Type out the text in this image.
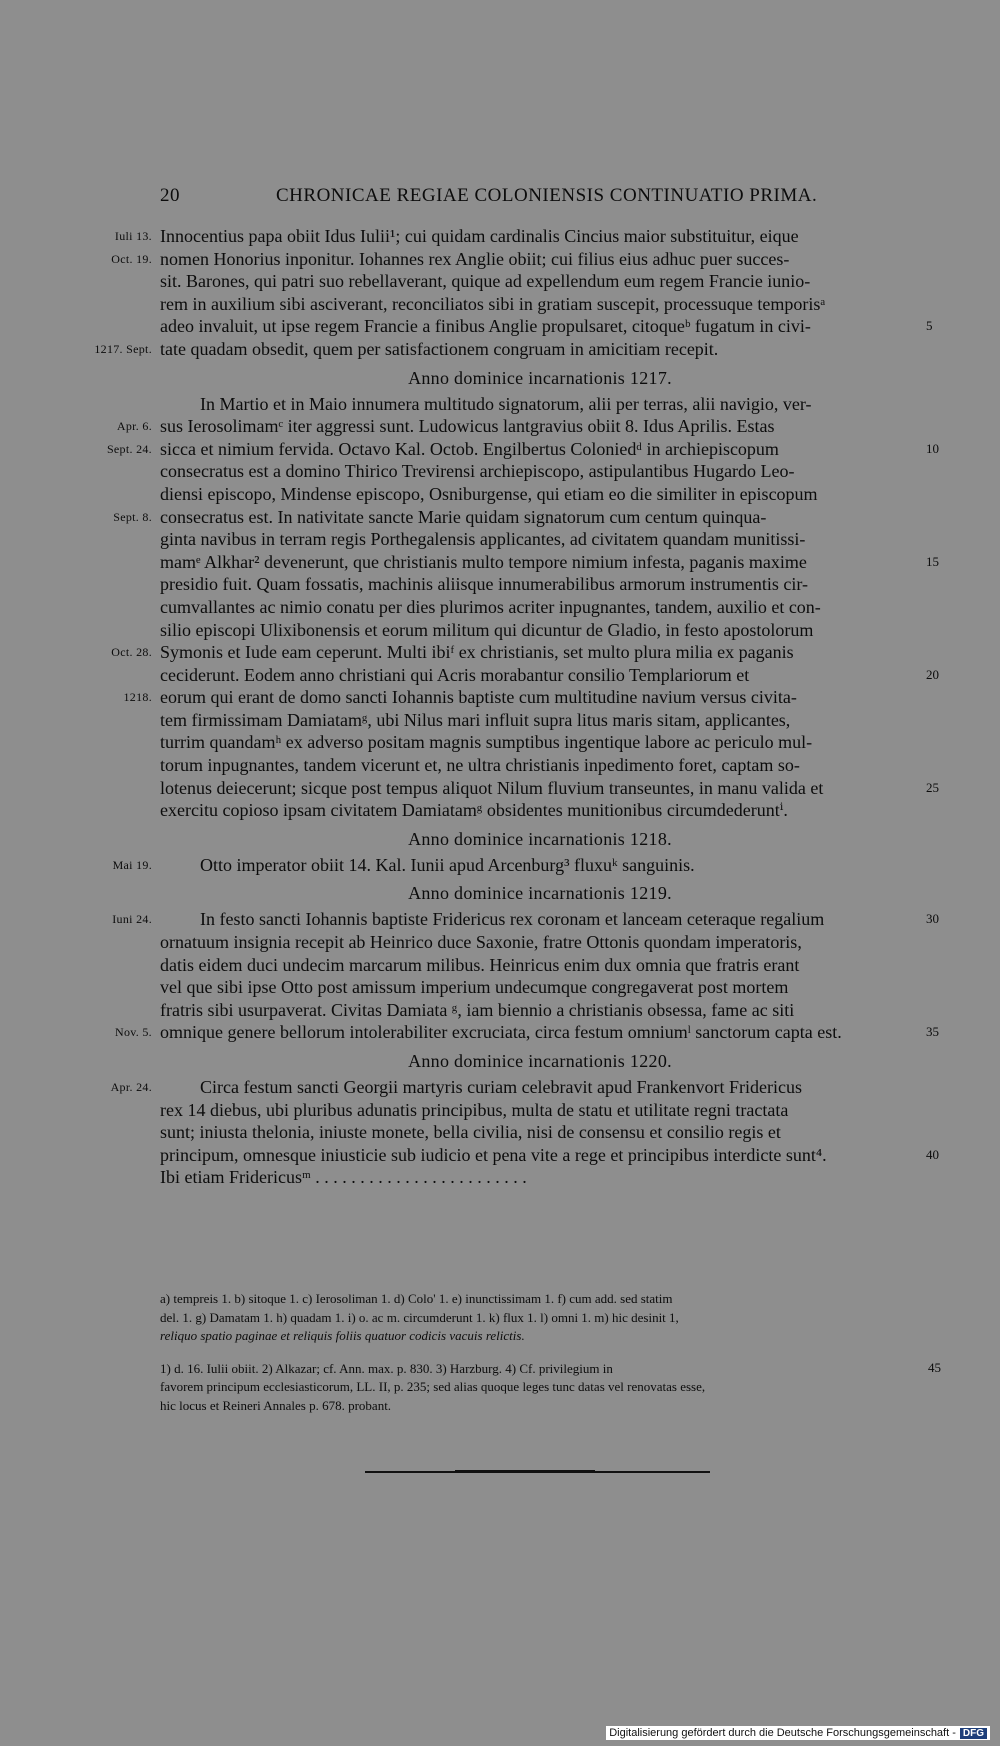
20	CHRONICAE REGIAE COLONIENSIS CONTINUATIO PRIMA.
Iuli 13. Innocentius papa obiit Idus Iulii¹; cui quidam cardinalis Cincius maior substituitur, eique
Oct. 19. nomen Honorius inponitur. Iohannes rex Anglie obiit; cui filius eius adhuc puer succes-
sit. Barones, qui patri suo rebellaverant, quique ad expellendum eum regem Francie iunio-
rem in auxilium sibi asciverant, reconciliatos sibi in gratiam suscepit, processuque temporisᵃ
adeo invaluit, ut ipse regem Francie a finibus Anglie propulsaret, citoqueᵇ fugatum in civi-	5
1217. Sept. tate quadam obsedit, quem per satisfactionem congruam in amicitiam recepit.
Anno dominice incarnationis 1217.
In Martio et in Maio innumera multitudo signatorum, alii per terras, alii navigio, ver-
Apr. 6. sus Ierosolimamᶜ iter aggressi sunt. Ludowicus lantgravius obiit 8. Idus Aprilis. Estas
Sept. 24. sicca et nimium fervida. Octavo Kal. Octob. Engilbertus Coloniedᵈ in archiepiscopum	10
consecratus est a domino Thirico Trevirensi archiepiscopo, astipulantibus Hugardo Leo-
diensi episcopo, Mindense episcopo, Osniburgense, qui etiam eo die similiter in episcopum
Sept. 8. consecratus est. In nativitate sancte Marie quidam signatorum cum centum quinqua-
ginta navibus in terram regis Porthegalensis applicantes, ad civitatem quandam munitissi-
mamᵉ Alkhar² devenerunt, que christianis multo tempore nimium infesta, paganis maxime	15
presidio fuit. Quam fossatis, machinis aliisque innumerabilibus armorum instrumentis cir-
cumvallantes ac nimio conatu per dies plurimos acriter inpugnantes, tandem, auxilio et con-
silio episcopi Ulixibonensis et eorum militum qui dicuntur de Gladio, in festo apostolorum
Oct. 28. Symonis et Iude eam ceperunt. Multi ibiᶠ ex christianis, set multo plura milia ex paganis
ceciderunt. Eodem anno christiani qui Acris morabantur consilio Templariorum et	20
1218. eorum qui erant de domo sancti Iohannis baptiste cum multitudine navium versus civita-
tem firmissimam Damiatamᵍ, ubi Nilus mari influit supra litus maris sitam, applicantes,
turrim quandamʰ ex adverso positam magnis sumptibus ingentique labore ac periculo mul-
torum inpugnantes, tandem vicerunt et, ne ultra christianis inpedimento foret, captam so-
lotenus deiecerunt; sicque post tempus aliquot Nilum fluvium transeuntes, in manu valida et	25
exercitu copioso ipsam civitatem Damiatamᵍ obsidentes munitionibus circumdederuntⁱ.
Anno dominice incarnationis 1218.
Mai 19.	Otto imperator obiit 14. Kal. Iunii apud Arcenburg³ fluxuᵏ sanguinis.
Anno dominice incarnationis 1219.
Iuni 24.	In festo sancti Iohannis baptiste Fridericus rex coronam et lanceam ceteraque regalium	30
ornatuum insignia recepit ab Heinrico duce Saxonie, fratre Ottonis quondam imperatoris,
datis eidem duci undecim marcarum milibus. Heinricus enim dux omnia que fratris erant
vel que sibi ipse Otto post amissum imperium undecumque congregaverat post mortem
fratris sibi usurpaverat. Civitas Damiata ᵍ, iam biennio a christianis obsessa, fame ac siti
Nov. 5. omnique genere bellorum intolerabiliter excruciata, circa festum omniumˡ sanctorum capta est.	35
Anno dominice incarnationis 1220.
Apr. 24.	Circa festum sancti Georgii martyris curiam celebravit apud Frankenvort Fridericus
rex 14 diebus, ubi pluribus adunatis principibus, multa de statu et utilitate regni tractata
sunt; iniusta thelonia, iniuste monete, bella civilia, nisi de consensu et consilio regis et
principum, omnesque iniusticie sub iudicio et pena vite a rege et principibus interdicte sunt⁴.	40
Ibi etiam Fridericusᵐ . . . . . . . . . . . . . . . . . . . . . . . .
a) tempreis 1. b) sitoque 1. c) Ierosoliman 1. d) Colo' 1. e) inunctissimam 1. f) cum add. sed statim
del. 1. g) Damatam 1. h) quadam 1. i) o. ac m. circumderunt 1. k) flux 1. l) omni 1. m) hic desinit 1,
reliquo spatio paginae et reliquis foliis quatuor codicis vacuis relictis.
1) d. 16. Iulii obiit. 2) Alkazar; cf. Ann. max. p. 830. 3) Harzburg. 4) Cf. privilegium in
favorem principum ecclesiasticorum, LL. II, p. 235; sed alias quoque leges tunc datas vel renovatas esse,
hic locus et Reineri Annales p. 678. probant.
45
Digitalisierung gefördert durch die Deutsche Forschungsgemeinschaft - DFG
